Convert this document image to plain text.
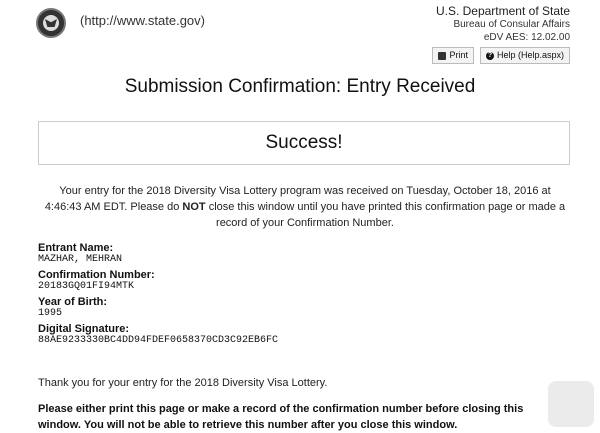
(http://www.state.gov)
U.S. Department of State
Bureau of Consular Affairs
eDV AES: 12.02.00
Print	? Help (Help.aspx)
Submission Confirmation: Entry Received
Success!
Your entry for the 2018 Diversity Visa Lottery program was received on Tuesday, October 18, 2016 at 4:46:43 AM EDT. Please do NOT close this window until you have printed this confirmation page or made a record of your Confirmation Number.
Entrant Name:
MAZHAR, MEHRAN
Confirmation Number:
20183GQ01FI94MTK
Year of Birth:
1995
Digital Signature:
88AE9233330BC4DD94FDEF0658370CD3C92EB6FC
Thank you for your entry for the 2018 Diversity Visa Lottery.
Please either print this page or make a record of the confirmation number before closing this window. You will not be able to retrieve this number after you close this window.
